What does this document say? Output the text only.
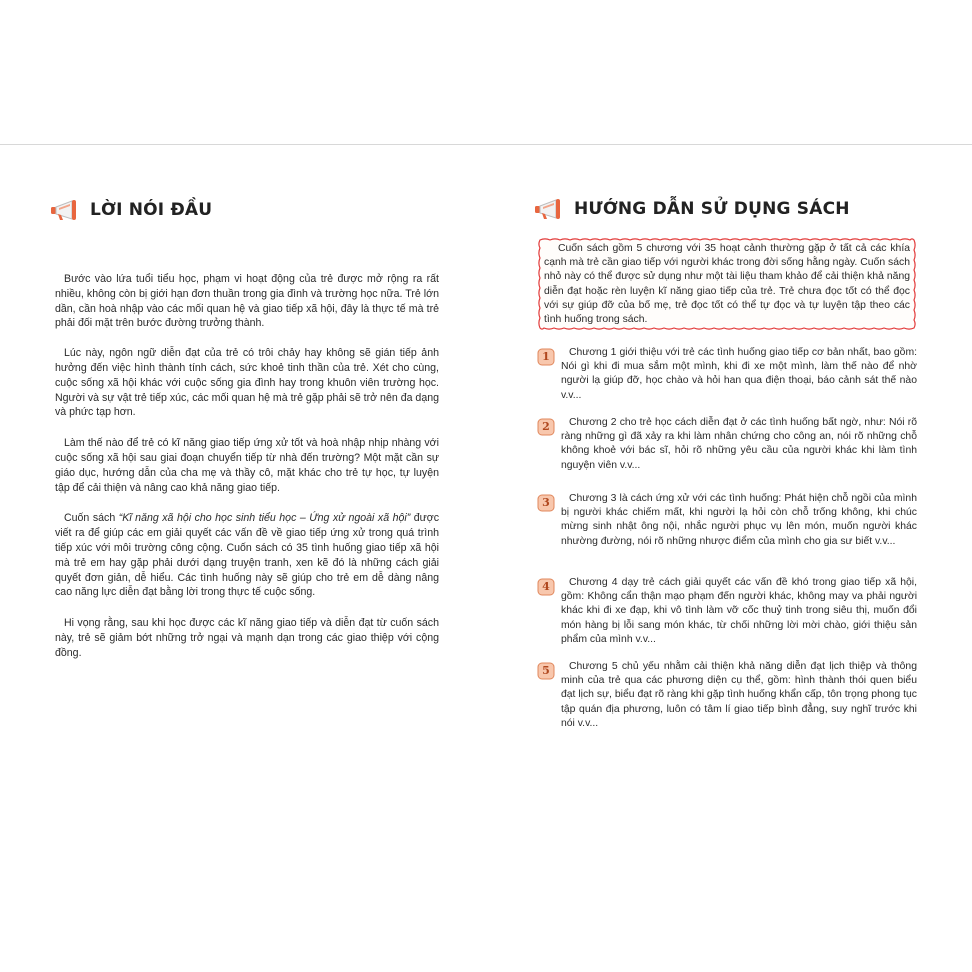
LỜI NÓI ĐẦU	HƯỚNG DẪN SỬ DỤNG SÁCH

Bước vào lứa tuổi tiểu học, phạm vi hoạt động của trẻ được mở rộng ra rất nhiều, không còn bị giới hạn đơn thuần trong gia đình và trường học nữa. Trẻ lớn dần, cần hoà nhập vào các mối quan hệ và giao tiếp xã hội, đây là thực tế mà trẻ phải đối mặt trên bước đường trưởng thành.

Lúc này, ngôn ngữ diễn đạt của trẻ có trôi chảy hay không sẽ gián tiếp ảnh hưởng đến việc hình thành tính cách, sức khoẻ tinh thần của trẻ. Xét cho cùng, cuộc sống xã hội khác với cuộc sống gia đình hay trong khuôn viên trường học. Người và sự vật trẻ tiếp xúc, các mối quan hệ mà trẻ gặp phải sẽ trở nên đa dạng và phức tạp hơn.

Làm thế nào để trẻ có kĩ năng giao tiếp ứng xử tốt và hoà nhập nhịp nhàng với cuộc sống xã hội sau giai đoạn chuyển tiếp từ nhà đến trường? Một mặt cần sự giáo dục, hướng dẫn của cha mẹ và thầy cô, mặt khác cho trẻ tự học, tự luyện tập để cải thiện và nâng cao khả năng giao tiếp.

Cuốn sách “Kĩ năng xã hội cho học sinh tiểu học – Ứng xử ngoài xã hội” được viết ra để giúp các em giải quyết các vấn đề về giao tiếp ứng xử trong quá trình tiếp xúc với môi trường công cộng. Cuốn sách có 35 tình huống giao tiếp xã hội mà trẻ em hay gặp phải dưới dạng truyện tranh, xen kẽ đó là những cách giải quyết đơn giản, dễ hiểu. Các tình huống này sẽ giúp cho trẻ em dễ dàng nâng cao năng lực diễn đạt bằng lời trong thực tế cuộc sống.

Hi vọng rằng, sau khi học được các kĩ năng giao tiếp và diễn đạt từ cuốn sách này, trẻ sẽ giảm bớt những trở ngại và mạnh dạn trong các giao thiệp với cộng đồng.

Cuốn sách gồm 5 chương với 35 hoạt cảnh thường gặp ở tất cả các khía cạnh mà trẻ cần giao tiếp với người khác trong đời sống hằng ngày. Cuốn sách nhỏ này có thể được sử dụng như một tài liệu tham khảo để cải thiện khả năng diễn đạt hoặc rèn luyện kĩ năng giao tiếp của trẻ. Trẻ chưa đọc tốt có thể đọc với sự giúp đỡ của bố mẹ, trẻ đọc tốt có thể tự đọc và tự luyện tập theo các tình huống trong sách.

1	Chương 1 giới thiệu với trẻ các tình huống giao tiếp cơ bản nhất, bao gồm: Nói gì khi đi mua sắm một mình, khi đi xe một mình, làm thế nào để nhờ người lạ giúp đỡ, học chào và hỏi han qua điện thoại, báo cảnh sát thế nào v.v...

2	Chương 2 cho trẻ học cách diễn đạt ở các tình huống bất ngờ, như: Nói rõ ràng những gì đã xảy ra khi làm nhân chứng cho công an, nói rõ những chỗ không khoẻ với bác sĩ, hỏi rõ những yêu cầu của người khác khi làm tình nguyện viên v.v...

3	Chương 3 là cách ứng xử với các tình huống: Phát hiện chỗ ngồi của mình bị người khác chiếm mất, khi người lạ hỏi còn chỗ trống không, khi chúc mừng sinh nhật ông nội, nhắc người phục vụ lên món, muốn người khác nhường đường, nói rõ những nhược điểm của mình cho gia sư biết v.v...

4	Chương 4 dạy trẻ cách giải quyết các vấn đề khó trong giao tiếp xã hội, gồm: Không cẩn thận mạo phạm đến người khác, không may va phải người khác khi đi xe đạp, khi vô tình làm vỡ cốc thuỷ tinh trong siêu thị, muốn đổi món hàng bị lỗi sang món khác, từ chối những lời mời chào, giới thiệu sản phẩm của mình v.v...

5	Chương 5 chủ yếu nhằm cải thiện khả năng diễn đạt lịch thiệp và thông minh của trẻ qua các phương diện cụ thể, gồm: hình thành thói quen biểu đạt lịch sự, biểu đạt rõ ràng khi gặp tình huống khẩn cấp, tôn trọng phong tục tập quán địa phương, luôn có tâm lí giao tiếp bình đẳng, suy nghĩ trước khi nói v.v...
